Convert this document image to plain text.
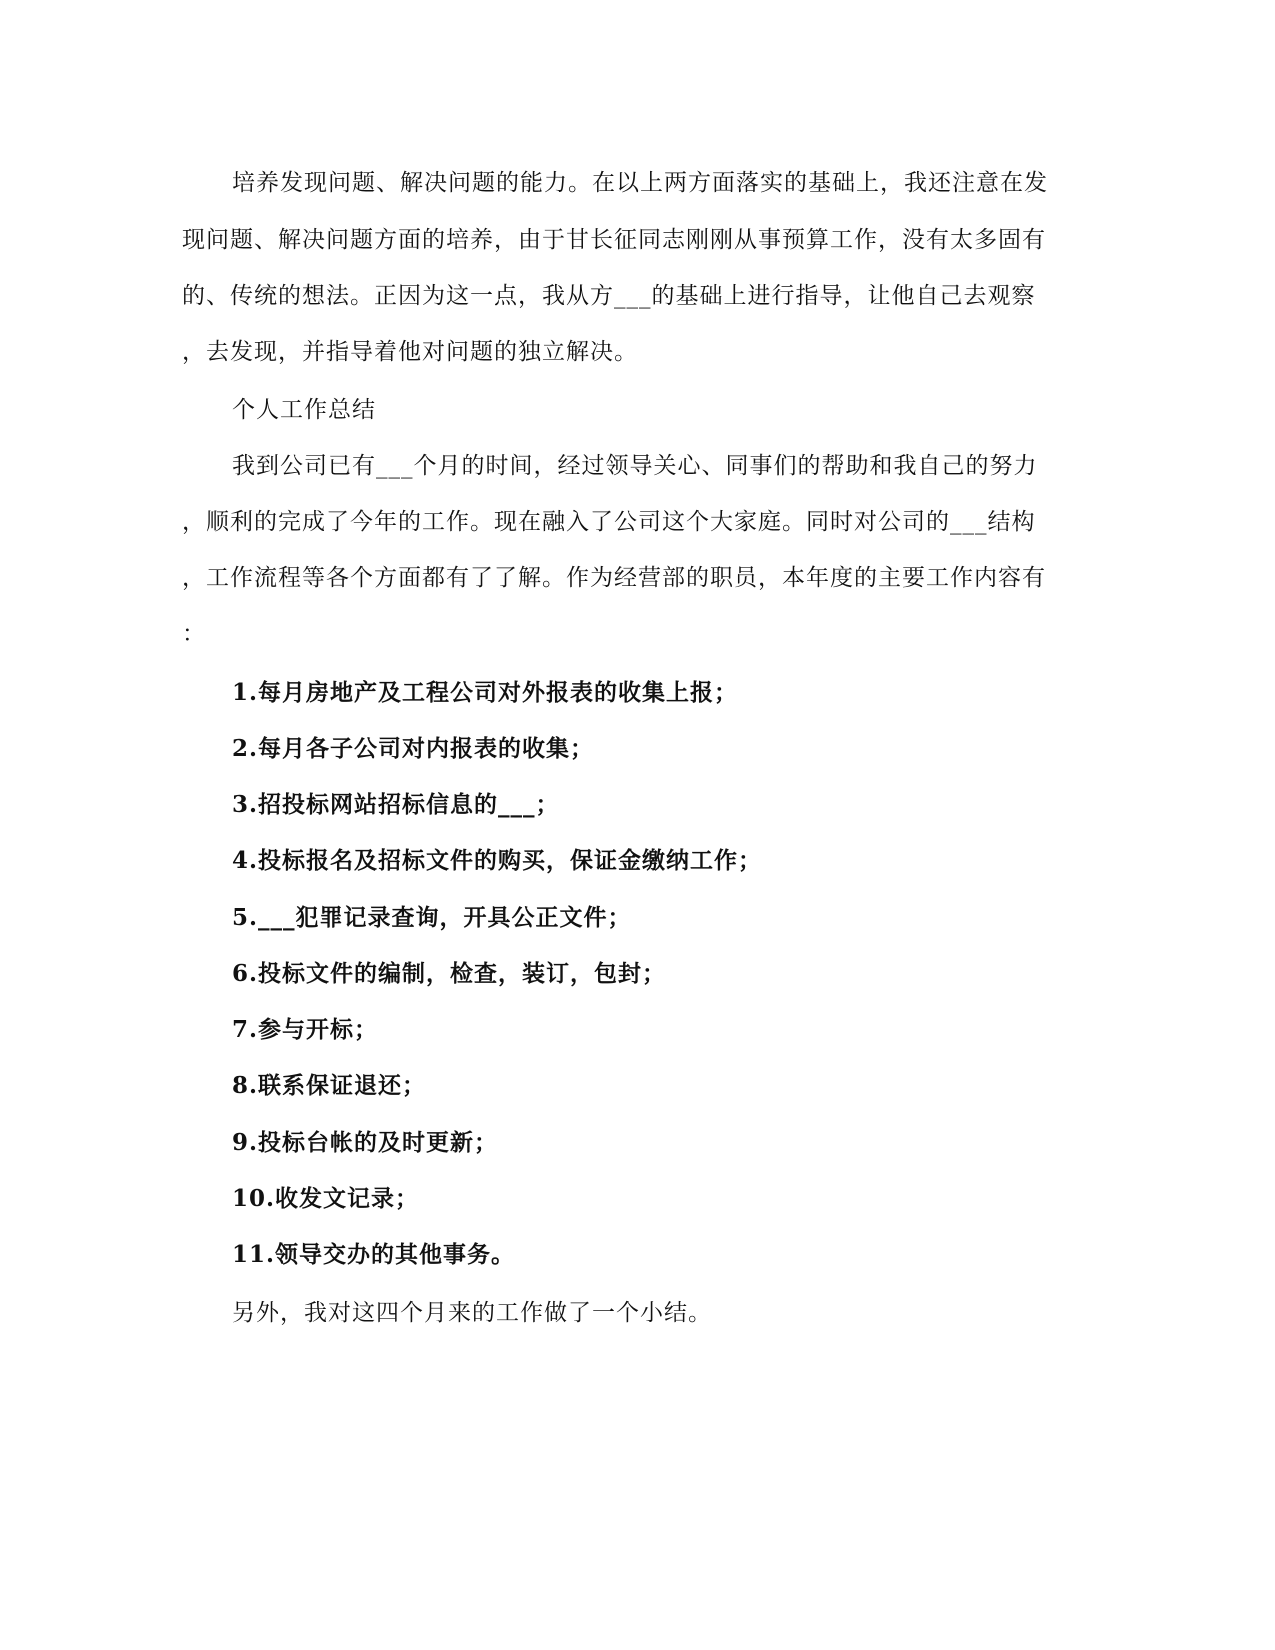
培养发现问题、解决问题的能力。在以上两方面落实的基础上，我还注意在发
现问题、解决问题方面的培养，由于甘长征同志刚刚从事预算工作，没有太多固有
的、传统的想法。正因为这一点，我从方___的基础上进行指导，让他自己去观察
，去发现，并指导着他对问题的独立解决。
个人工作总结
我到公司已有___个月的时间，经过领导关心、同事们的帮助和我自己的努力
，顺利的完成了今年的工作。现在融入了公司这个大家庭。同时对公司的___结构
，工作流程等各个方面都有了了解。作为经营部的职员，本年度的主要工作内容有
：
1.每月房地产及工程公司对外报表的收集上报；
2.每月各子公司对内报表的收集；
3.招投标网站招标信息的___；
4.投标报名及招标文件的购买，保证金缴纳工作；
5.___犯罪记录查询，开具公正文件；
6.投标文件的编制，检查，装订，包封；
7.参与开标；
8.联系保证退还；
9.投标台帐的及时更新；
10.收发文记录；
11.领导交办的其他事务。
另外，我对这四个月来的工作做了一个小结。
